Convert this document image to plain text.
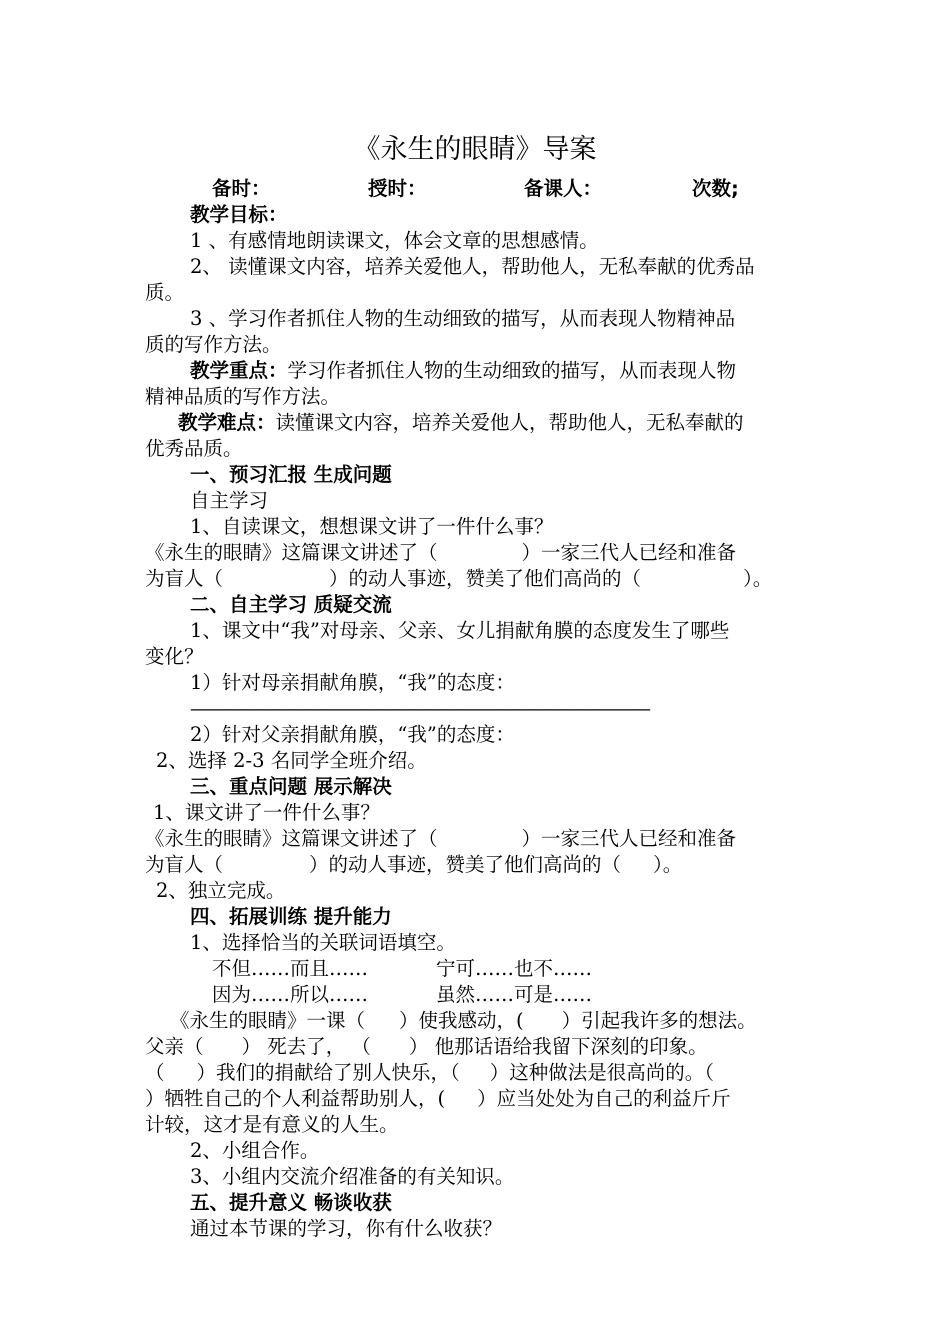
《永生的眼睛》导案
备时：	授时：	备课人：	次数;
教学目标：
1 、有感情地朗读课文，体会文章的思想感情。
2、 读懂课文内容，培养关爱他人，帮助他人，无私奉献的优秀品
质。
3 、学习作者抓住人物的生动细致的描写，从而表现人物精神品
质的写作方法。
教学重点：学习作者抓住人物的生动细致的描写，从而表现人物
精神品质的写作方法。
教学难点：读懂课文内容，培养关爱他人，帮助他人，无私奉献的
优秀品质。
一、预习汇报 生成问题
自主学习
1、自读课文，想想课文讲了一件什么事？
《永生的眼睛》这篇课文讲述了（	）一家三代人已经和准备
为盲人（	）的动人事迹，赞美了他们高尚的（	）。
二、自主学习 质疑交流
1、课文中“我”对母亲、父亲、女儿捐献角膜的态度发生了哪些
变化？
1）针对母亲捐献角膜，“我”的态度：
———————————————————————————
2）针对父亲捐献角膜，“我”的态度：
2、选择 2-3 名同学全班介绍。
三、重点问题 展示解决
1、课文讲了一件什么事？
《永生的眼睛》这篇课文讲述了（	）一家三代人已经和准备
为盲人（	）的动人事迹，赞美了他们高尚的（ ）。
2、独立完成。
四、拓展训练 提升能力
1、选择恰当的关联词语填空。
不但……而且……	宁可……也不……
因为……所以……	虽然……可是……
《永生的眼睛》一课（ ）使我感动，( ）引起我许多的想法。
父亲（ ） 死去了， （ ） 他那话语给我留下深刻的印象。
（ ）我们的捐献给了别人快乐，（ ）这种做法是很高尚的。（
）牺牲自己的个人利益帮助别人，( ）应当处处为自己的利益斤斤
计较，这才是有意义的人生。
2、小组合作。
3、小组内交流介绍准备的有关知识。
五、提升意义 畅谈收获
通过本节课的学习，你有什么收获？
